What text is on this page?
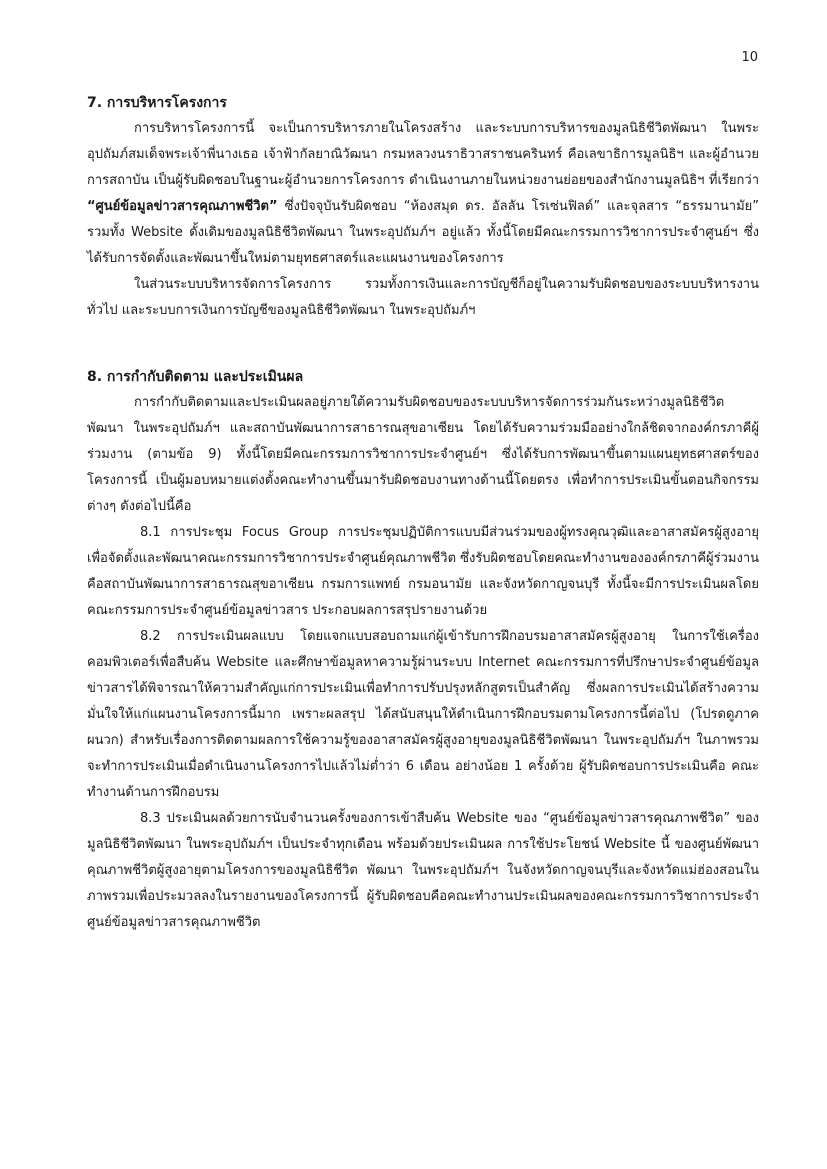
10
7. การบริหารโครงการ

การบริหารโครงการนี้ จะเป็นการบริหารภายในโครงสร้าง และระบบการบริหารของมูลนิธิชีวิตพัฒนา ในพระอุปถัมภ์สมเด็จพระเจ้าพี่นางเธอ เจ้าฟ้ากัลยาณิวัฒนา กรมหลวงนราธิวาสราชนครินทร์ คือเลขาธิการมูลนิธิฯ และผู้อำนวยการสถาบัน เป็นผู้รับผิดชอบในฐานะผู้อำนวยการโครงการ ดำเนินงานภายในหน่วยงานย่อยของสำนักงานมูลนิธิฯ ที่เรียกว่า “ศูนย์ข้อมูลข่าวสารคุณภาพชีวิต” ซึ่งปัจจุบันรับผิดชอบ “ห้องสมุด ดร. อัลลัน โรเซ่นฟิลด์” และจุลสาร “ธรรมานามัย” รวมทั้ง Website ดั้งเดิมของมูลนิธิชีวิตพัฒนา ในพระอุปถัมภ์ฯ อยู่แล้ว ทั้งนี้โดยมีคณะกรรมการวิชาการประจำศูนย์ฯ ซึ่งได้รับการจัดตั้งและพัฒนาขึ้นใหม่ตามยุทธศาสตร์และแผนงานของโครงการ

ในส่วนระบบบริหารจัดการโครงการ รวมทั้งการเงินและการบัญชีก็อยู่ในความรับผิดชอบของระบบบริหารงานทั่วไป และระบบการเงินการบัญชีของมูลนิธิชีวิตพัฒนา ในพระอุปถัมภ์ฯ

8. การกำกับติดตาม และประเมินผล

การกำกับติดตามและประเมินผลอยู่ภายใต้ความรับผิดชอบของระบบบริหารจัดการร่วมกันระหว่างมูลนิธิชีวิตพัฒนา ในพระอุปถัมภ์ฯ และสถาบันพัฒนาการสาธารณสุขอาเซียน โดยได้รับความร่วมมืออย่างใกล้ชิดจากองค์กรภาคีผู้ร่วมงาน (ตามข้อ 9) ทั้งนี้โดยมีคณะกรรมการวิชาการประจำศูนย์ฯ ซึ่งได้รับการพัฒนาขึ้นตามแผนยุทธศาสตร์ของโครงการนี้ เป็นผู้มอบหมายแต่งตั้งคณะทำงานขึ้นมารับผิดชอบงานทางด้านนี้โดยตรง เพื่อทำการประเมินขั้นตอนกิจกรรมต่างๆ ดังต่อไปนี้คือ

8.1 การประชุม Focus Group การประชุมปฏิบัติการแบบมีส่วนร่วมของผู้ทรงคุณวุฒิและอาสาสมัครผู้สูงอายุ เพื่อจัดตั้งและพัฒนาคณะกรรมการวิชาการประจำศูนย์คุณภาพชีวิต ซึ่งรับผิดชอบโดยคณะทำงานขององค์กรภาคีผู้ร่วมงาน คือสถาบันพัฒนาการสาธารณสุขอาเซียน กรมการแพทย์ กรมอนามัย และจังหวัดกาญจนบุรี ทั้งนี้จะมีการประเมินผลโดยคณะกรรมการประจำศูนย์ข้อมูลข่าวสาร ประกอบผลการสรุปรายงานด้วย

8.2 การประเมินผลแบบ โดยแจกแบบสอบถามแก่ผู้เข้ารับการฝึกอบรมอาสาสมัครผู้สูงอายุ ในการใช้เครื่องคอมพิวเตอร์เพื่อสืบค้น Website และศึกษาข้อมูลหาความรู้ผ่านระบบ Internet คณะกรรมการที่ปรึกษาประจำศูนย์ข้อมูลข่าวสารได้พิจารณาให้ความสำคัญแก่การประเมินเพื่อทำการปรับปรุงหลักสูตรเป็นสำคัญ ซึ่งผลการประเมินได้สร้างความมั่นใจให้แก่แผนงานโครงการนี้มาก เพราะผลสรุป ได้สนับสนุนให้ดำเนินการฝึกอบรมตามโครงการนี้ต่อไป (โปรดดูภาคผนวก) สำหรับเรื่องการติดตามผลการใช้ความรู้ของอาสาสมัครผู้สูงอายุของมูลนิธิชีวิตพัฒนา ในพระอุปถัมภ์ฯ ในภาพรวมจะทำการประเมินเมื่อดำเนินงานโครงการไปแล้วไม่ต่ำว่า 6 เดือน อย่างน้อย 1 ครั้งด้วย ผู้รับผิดชอบการประเมินคือ คณะทำงานด้านการฝึกอบรม

8.3 ประเมินผลด้วยการนับจำนวนครั้งของการเข้าสืบค้น Website ของ “ศูนย์ข้อมูลข่าวสารคุณภาพชีวิต” ของมูลนิธิชีวิตพัฒนา ในพระอุปถัมภ์ฯ เป็นประจำทุกเดือน พร้อมด้วยประเมินผล การใช้ประโยชน์ Website นี้ ของศูนย์พัฒนาคุณภาพชีวิตผู้สูงอายุตามโครงการของมูลนิธิชีวิต พัฒนา ในพระอุปถัมภ์ฯ ในจังหวัดกาญจนบุรีและจังหวัดแม่ฮ่องสอนในภาพรวมเพื่อประมวลลงในรายงานของโครงการนี้ ผู้รับผิดชอบคือคณะทำงานประเมินผลของคณะกรรมการวิชาการประจำศูนย์ข้อมูลข่าวสารคุณภาพชีวิต
